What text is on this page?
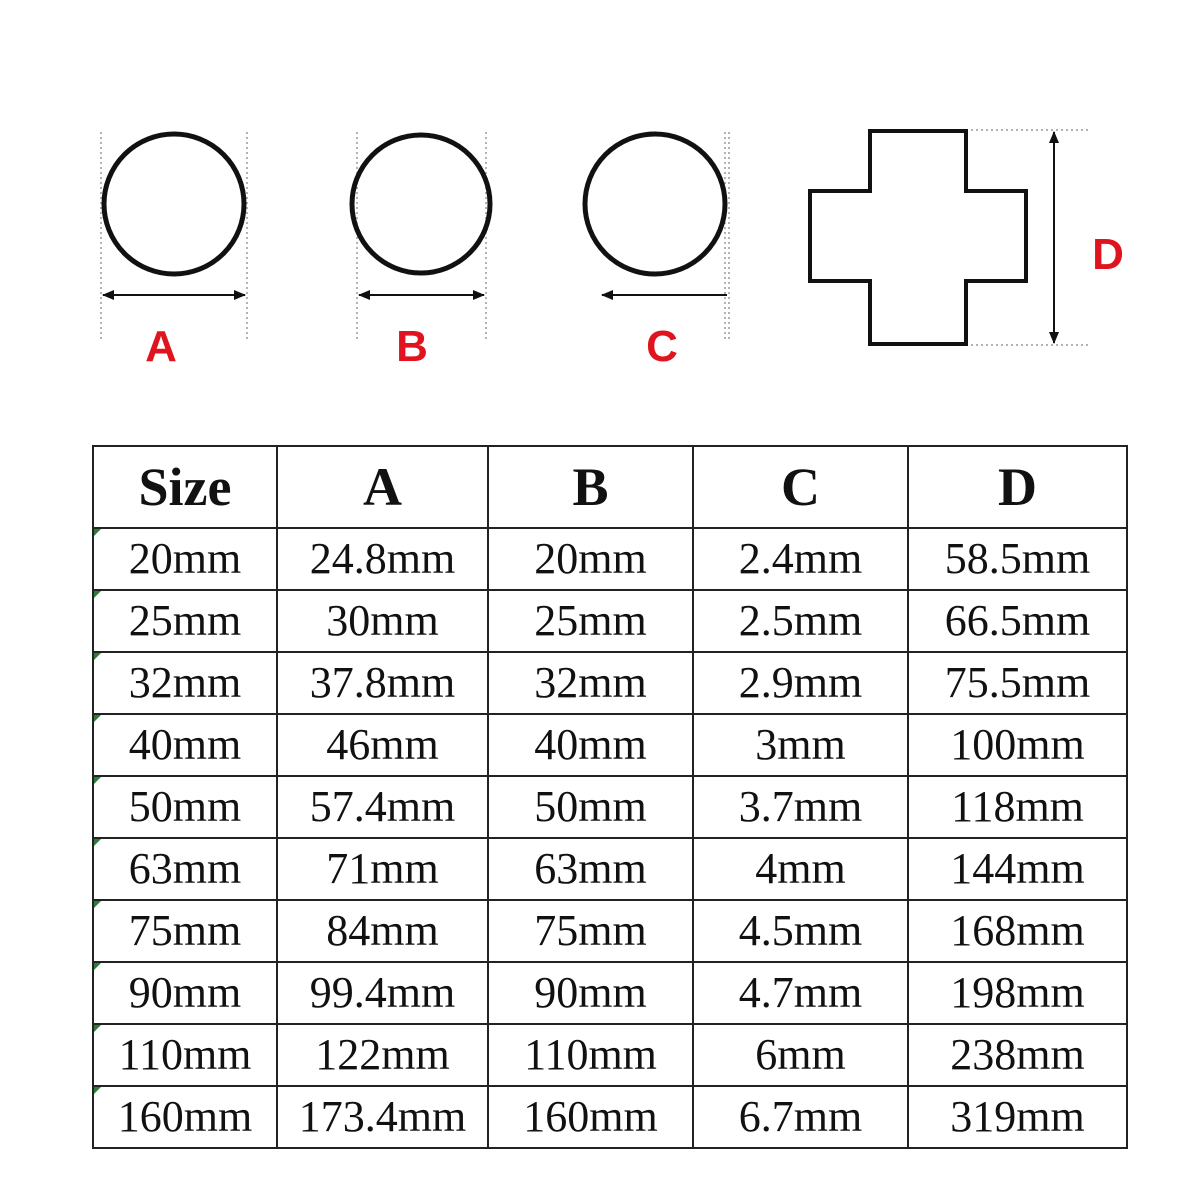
A	B	C
D
Size	A	B	C	D
20mm	24.8mm	20mm	2.4mm	58.5mm
25mm	30mm	25mm	2.5mm	66.5mm
32mm	37.8mm	32mm	2.9mm	75.5mm
40mm	46mm	40mm	3mm	100mm
50mm	57.4mm	50mm	3.7mm	118mm
63mm	71mm	63mm	4mm	144mm
75mm	84mm	75mm	4.5mm	168mm
90mm	99.4mm	90mm	4.7mm	198mm
110mm	122mm	110mm	6mm	238mm
160mm	173.4mm	160mm	6.7mm	319mm
